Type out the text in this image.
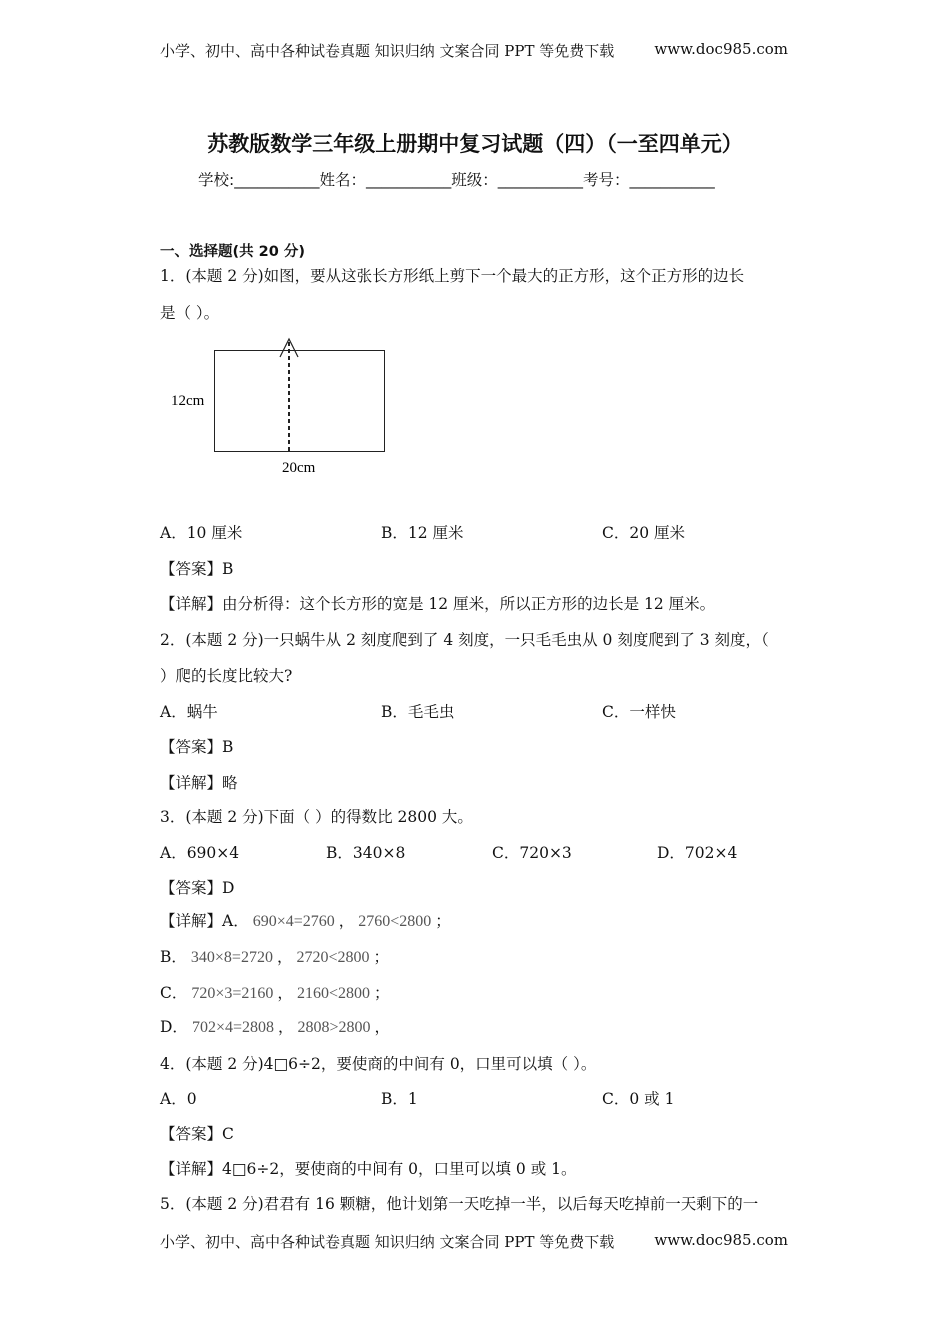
小学、初中、高中各种试卷真题 知识归纳 文案合同 PPT 等免费下载	www.doc985.com
苏教版数学三年级上册期中复习试题（四）（一至四单元）
学校:___________姓名：___________班级：___________考号：___________
一、选择题(共 20 分)
1．(本题 2 分)如图，要从这张长方形纸上剪下一个最大的正方形，这个正方形的边长
是（ ）。
12cm
20cm
A．10 厘米	B．12 厘米	C．20 厘米
【答案】B
【详解】由分析得：这个长方形的宽是 12 厘米，所以正方形的边长是 12 厘米。
2．(本题 2 分)一只蜗牛从 2 刻度爬到了 4 刻度，一只毛毛虫从 0 刻度爬到了 3 刻度，（
）爬的长度比较大?
A．蜗牛	B．毛毛虫	C．一样快
【答案】B
【详解】略
3．(本题 2 分)下面（ ）的得数比 2800 大。
A．690×4	B．340×8	C．720×3	D．702×4
【答案】D
【详解】A． 690×4=2760 ， 2760<2800 ；
B． 340×8=2720 ， 2720<2800 ；
C． 720×3=2160 ， 2160<2800 ；
D． 702×4=2808 ， 2808>2800 ，
4．(本题 2 分)4□6÷2，要使商的中间有 0，口里可以填（ ）。
A．0	B．1	C．0 或 1
【答案】C
【详解】4□6÷2，要使商的中间有 0，口里可以填 0 或 1。
5．(本题 2 分)君君有 16 颗糖，他计划第一天吃掉一半，以后每天吃掉前一天剩下的一
小学、初中、高中各种试卷真题 知识归纳 文案合同 PPT 等免费下载	www.doc985.com
